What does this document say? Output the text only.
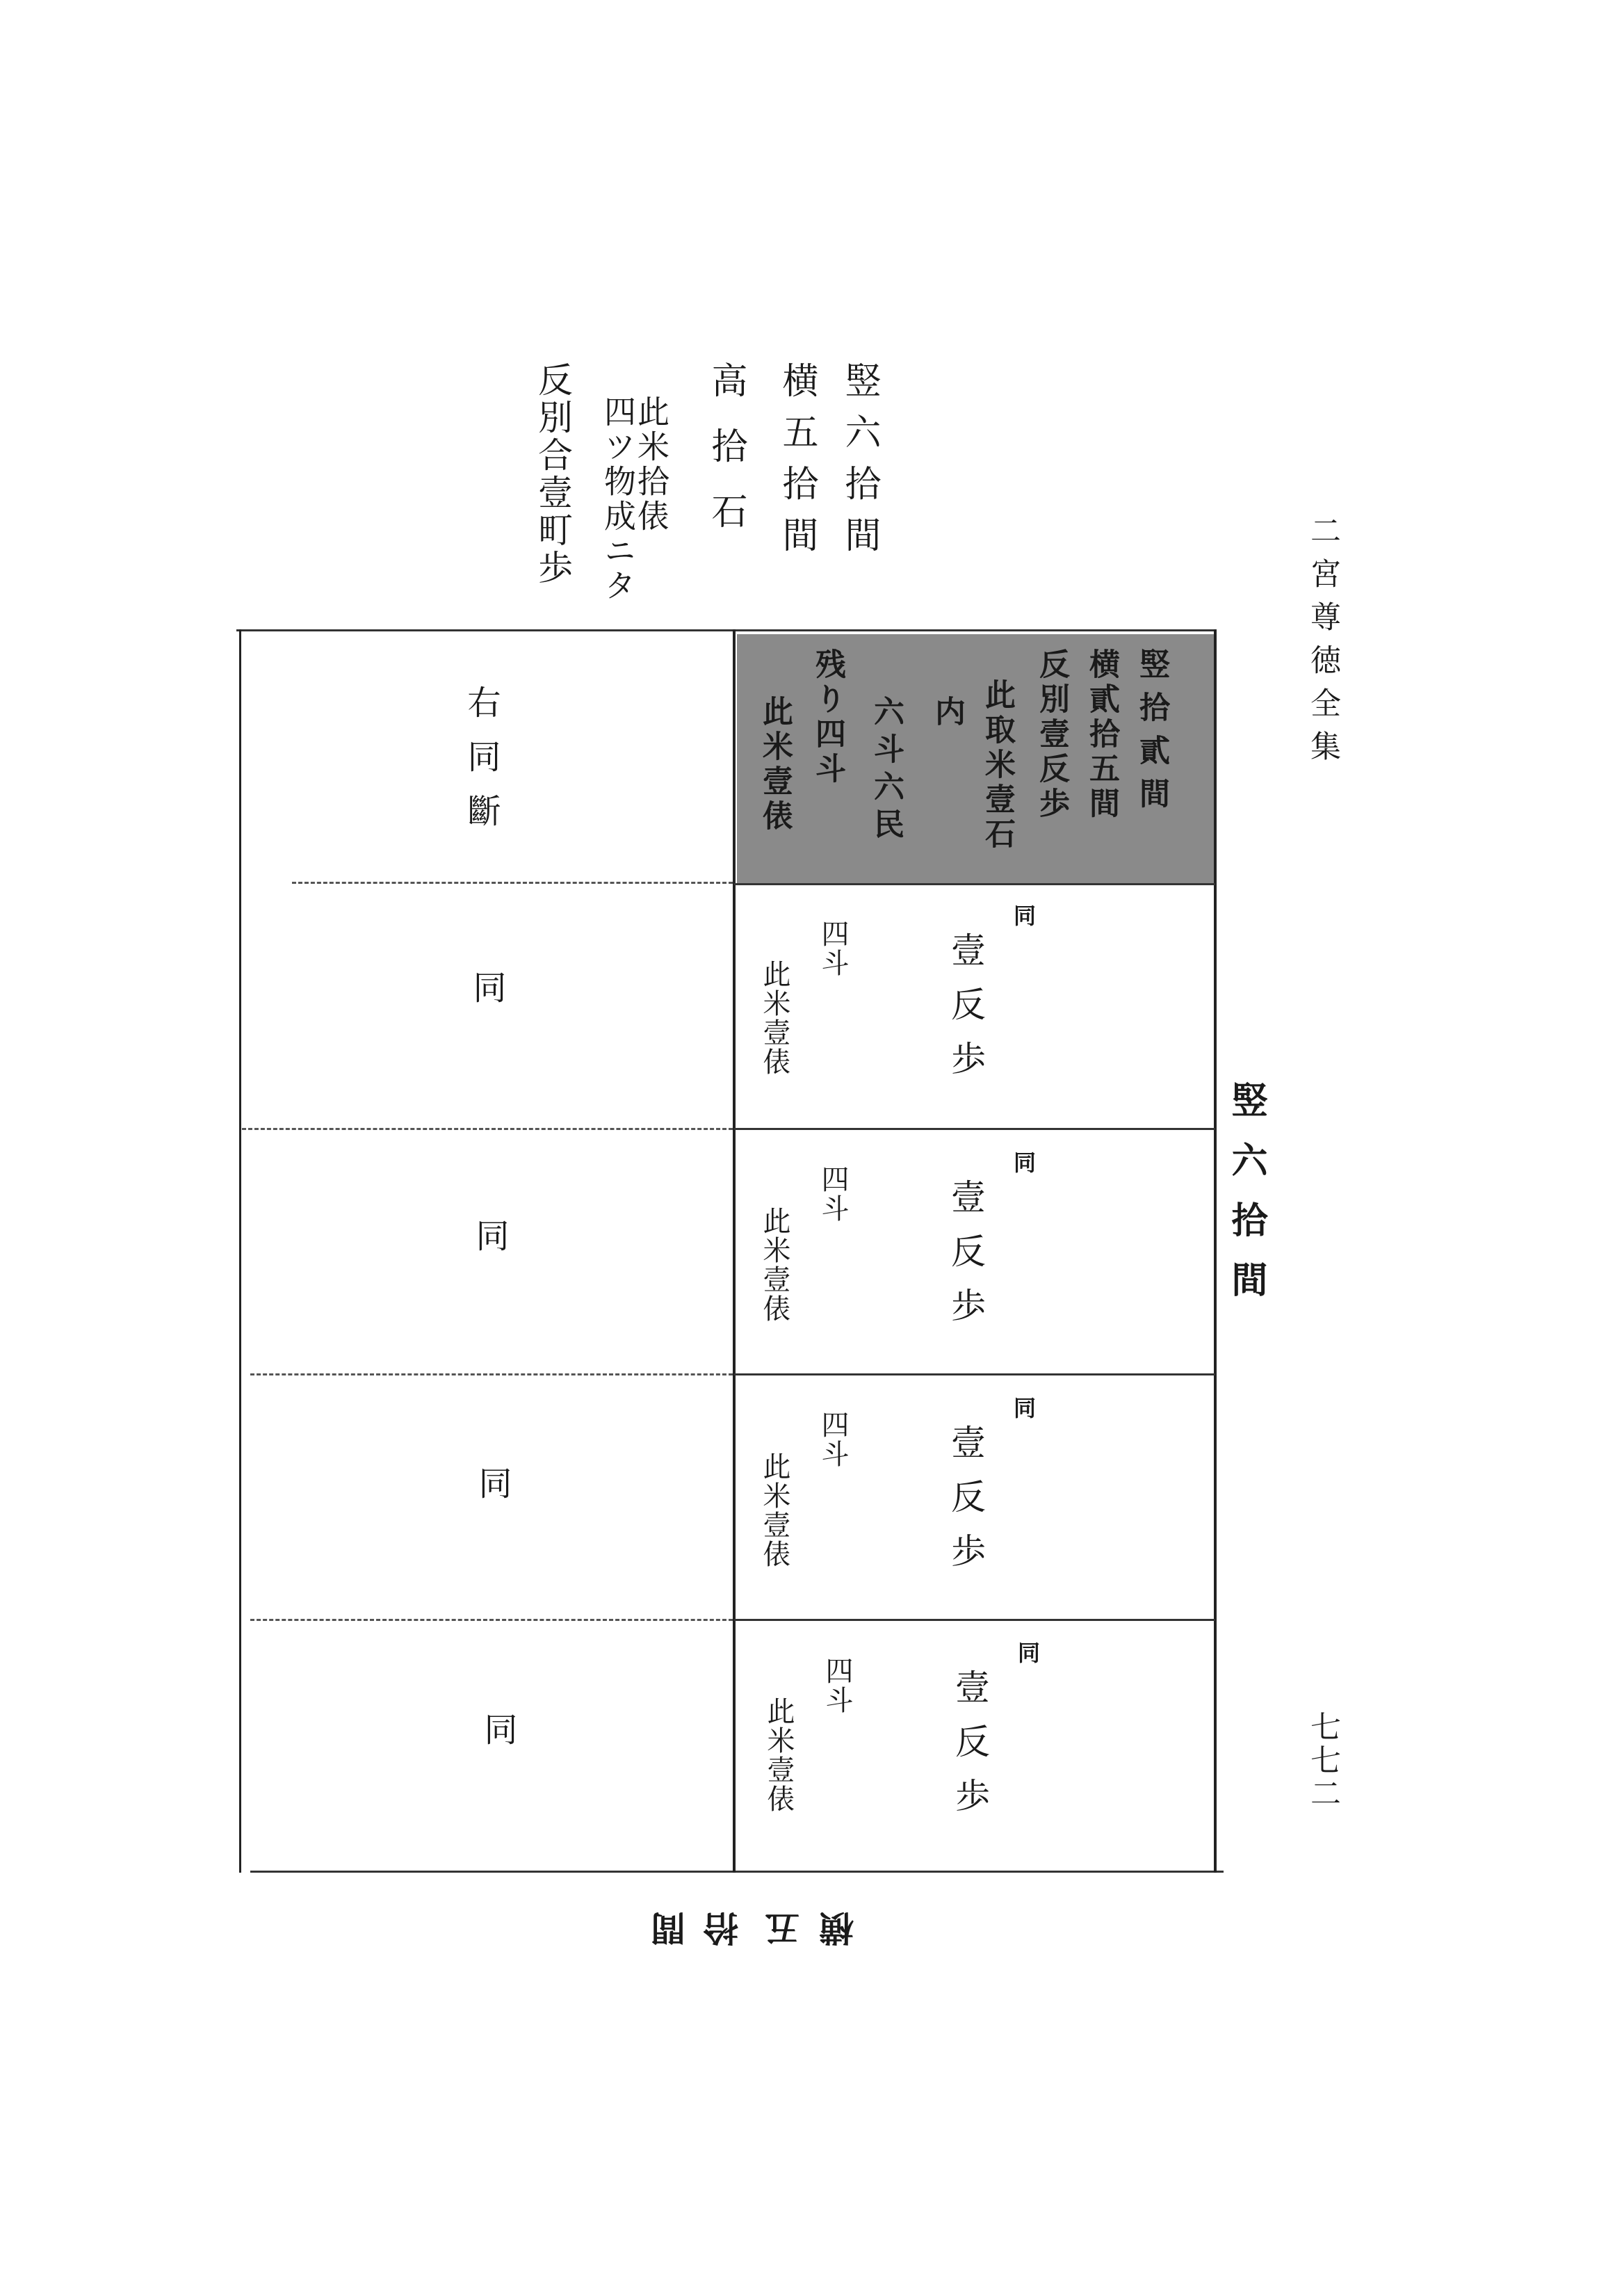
二宮尊徳全集
七七二
竪六拾間
横五拾間
高拾石
此米拾俵
四ツ物成ニタ
反別合壹町歩
竪六拾間
竪拾貳間
横貳拾五間
反別壹反歩
此取米壹石
内
六斗六民
残り四斗
此米壹俵
同
壹反歩
四斗
此米壹俵
同
壹反歩
四斗
此米壹俵
同
壹反歩
四斗
此米壹俵
同
壹反歩
四斗
此米壹俵
右同斷
同
同
同
同
横
五
拾
間
